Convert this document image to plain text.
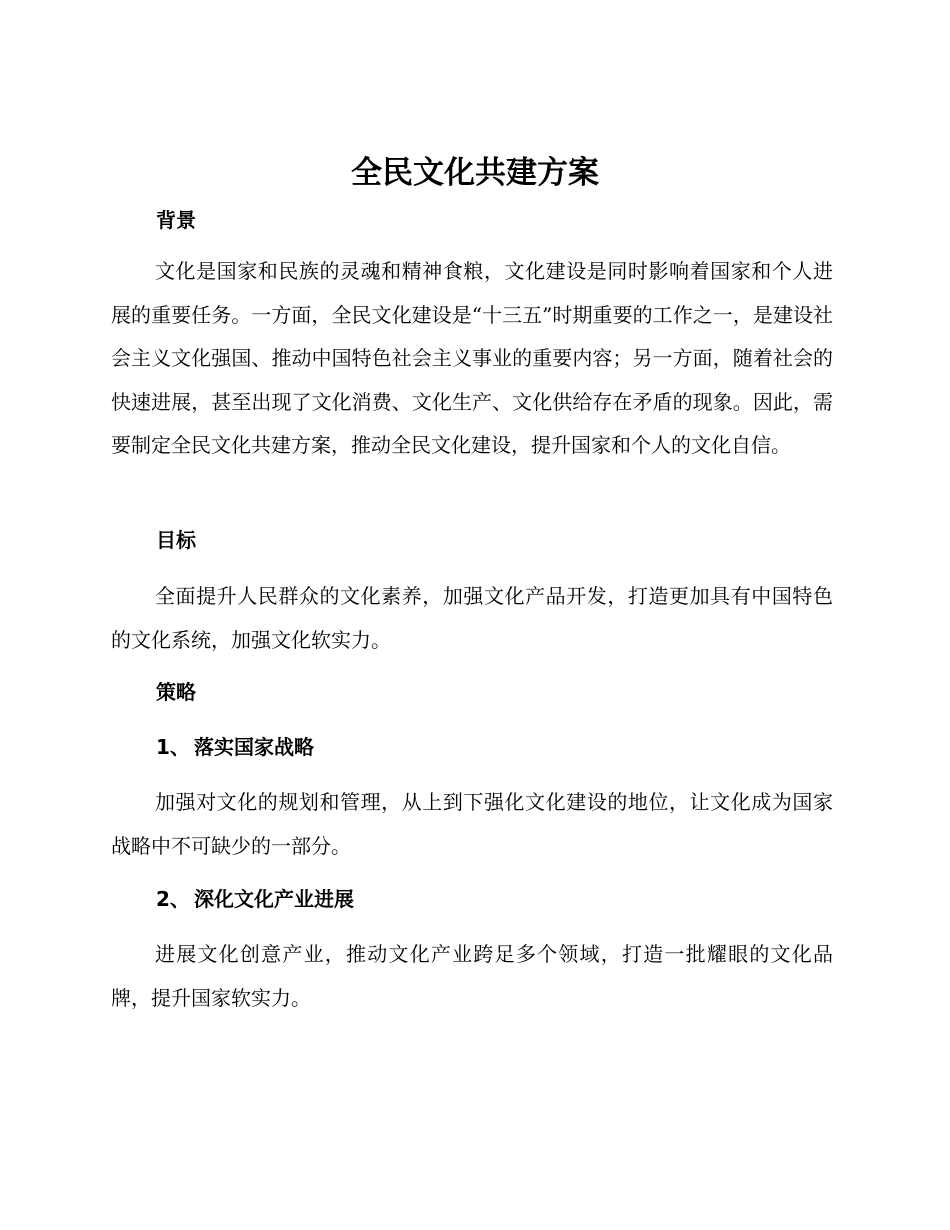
全民文化共建方案
背景

文化是国家和民族的灵魂和精神食粮，文化建设是同时影响着国家和个人进展的重要任务。一方面，全民文化建设是“十三五”时期重要的工作之一，是建设社会主义文化强国、推动中国特色社会主义事业的重要内容；另一方面，随着社会的快速进展，甚至出现了文化消费、文化生产、文化供给存在矛盾的现象。因此，需要制定全民文化共建方案，推动全民文化建设，提升国家和个人的文化自信。

目标

全面提升人民群众的文化素养，加强文化产品开发，打造更加具有中国特色的文化系统，加强文化软实力。

策略
1、 落实国家战略

加强对文化的规划和管理，从上到下强化文化建设的地位，让文化成为国家战略中不可缺少的一部分。

2、 深化文化产业进展

进展文化创意产业，推动文化产业跨足多个领域，打造一批耀眼的文化品牌，提升国家软实力。
